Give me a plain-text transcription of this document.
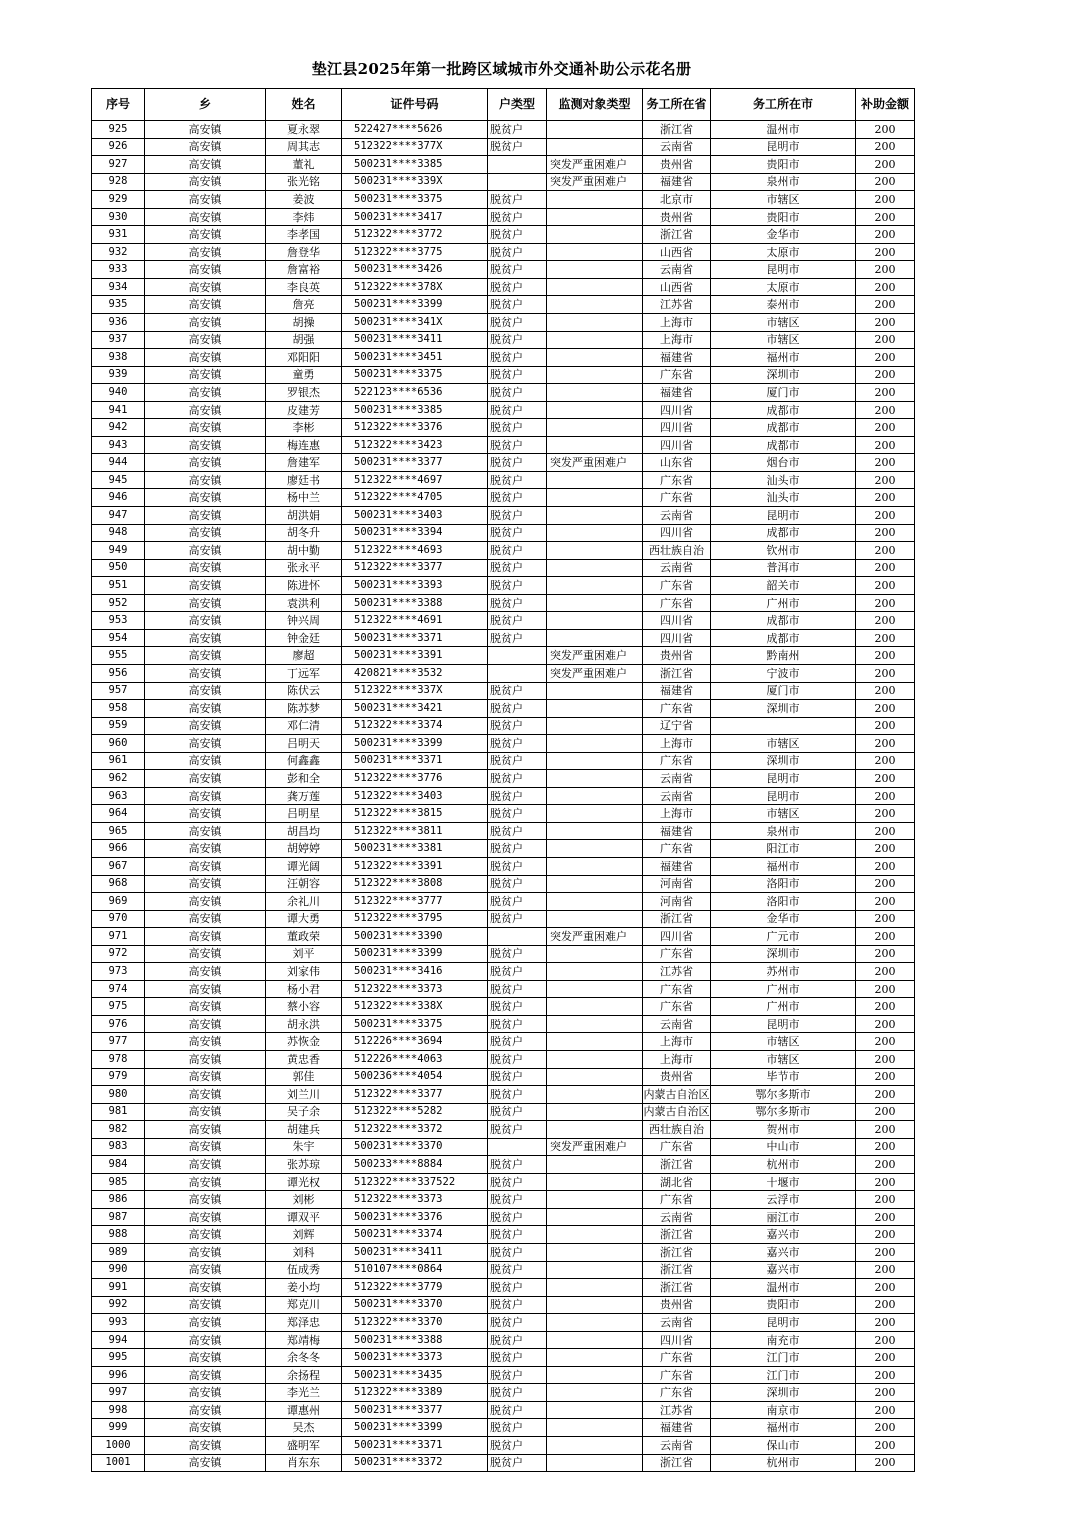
垫江县2025年第一批跨区域城市外交通补助公示花名册
序号	乡	姓名	证件号码	户类型	监测对象类型	务工所在省	务工所在市	补助金额
925	高安镇	夏永翠	522427****5626	脱贫户		浙江省	温州市	200
926	高安镇	周其志	512322****377X	脱贫户		云南省	昆明市	200
927	高安镇	董礼	500231****3385		突发严重困难户	贵州省	贵阳市	200
928	高安镇	张光铭	500231****339X		突发严重困难户	福建省	泉州市	200
929	高安镇	姜波	500231****3375	脱贫户		北京市	市辖区	200
930	高安镇	李炜	500231****3417	脱贫户		贵州省	贵阳市	200
931	高安镇	李孝国	512322****3772	脱贫户		浙江省	金华市	200
932	高安镇	詹登华	512322****3775	脱贫户		山西省	太原市	200
933	高安镇	詹富裕	500231****3426	脱贫户		云南省	昆明市	200
934	高安镇	李良英	512322****378X	脱贫户		山西省	太原市	200
935	高安镇	詹亮	500231****3399	脱贫户		江苏省	泰州市	200
936	高安镇	胡操	500231****341X	脱贫户		上海市	市辖区	200
937	高安镇	胡强	500231****3411	脱贫户		上海市	市辖区	200
938	高安镇	邓阳阳	500231****3451	脱贫户		福建省	福州市	200
939	高安镇	童勇	500231****3375	脱贫户		广东省	深圳市	200
940	高安镇	罗银杰	522123****6536	脱贫户		福建省	厦门市	200
941	高安镇	皮建芳	500231****3385	脱贫户		四川省	成都市	200
942	高安镇	李彬	512322****3376	脱贫户		四川省	成都市	200
943	高安镇	梅连惠	512322****3423	脱贫户		四川省	成都市	200
944	高安镇	詹建军	500231****3377	脱贫户	突发严重困难户	山东省	烟台市	200
945	高安镇	廖廷书	512322****4697	脱贫户		广东省	汕头市	200
946	高安镇	杨中兰	512322****4705	脱贫户		广东省	汕头市	200
947	高安镇	胡洪娟	500231****3403	脱贫户		云南省	昆明市	200
948	高安镇	胡冬升	500231****3394	脱贫户		四川省	成都市	200
949	高安镇	胡中勤	512322****4693	脱贫户		西壮族自治	钦州市	200
950	高安镇	张永平	512322****3377	脱贫户		云南省	普洱市	200
951	高安镇	陈进怀	500231****3393	脱贫户		广东省	韶关市	200
952	高安镇	袁洪利	500231****3388	脱贫户		广东省	广州市	200
953	高安镇	钟兴周	512322****4691	脱贫户		四川省	成都市	200
954	高安镇	钟金廷	500231****3371	脱贫户		四川省	成都市	200
955	高安镇	廖超	500231****3391		突发严重困难户	贵州省	黔南州	200
956	高安镇	丁远军	420821****3532		突发严重困难户	浙江省	宁波市	200
957	高安镇	陈伏云	512322****337X	脱贫户		福建省	厦门市	200
958	高安镇	陈苏梦	500231****3421	脱贫户		广东省	深圳市	200
959	高安镇	邓仁清	512322****3374	脱贫户		辽宁省		200
960	高安镇	吕明天	500231****3399	脱贫户		上海市	市辖区	200
961	高安镇	何鑫鑫	500231****3371	脱贫户		广东省	深圳市	200
962	高安镇	彭和全	512322****3776	脱贫户		云南省	昆明市	200
963	高安镇	龚万莲	512322****3403	脱贫户		云南省	昆明市	200
964	高安镇	吕明星	512322****3815	脱贫户		上海市	市辖区	200
965	高安镇	胡昌均	512322****3811	脱贫户		福建省	泉州市	200
966	高安镇	胡婷婷	500231****3381	脱贫户		广东省	阳江市	200
967	高安镇	谭光阔	512322****3391	脱贫户		福建省	福州市	200
968	高安镇	汪朝容	512322****3808	脱贫户		河南省	洛阳市	200
969	高安镇	余礼川	512322****3777	脱贫户		河南省	洛阳市	200
970	高安镇	谭大勇	512322****3795	脱贫户		浙江省	金华市	200
971	高安镇	董政荣	500231****3390		突发严重困难户	四川省	广元市	200
972	高安镇	刘平	500231****3399	脱贫户		广东省	深圳市	200
973	高安镇	刘家伟	500231****3416	脱贫户		江苏省	苏州市	200
974	高安镇	杨小君	512322****3373	脱贫户		广东省	广州市	200
975	高安镇	蔡小容	512322****338X	脱贫户		广东省	广州市	200
976	高安镇	胡永洪	500231****3375	脱贫户		云南省	昆明市	200
977	高安镇	苏恢金	512226****3694	脱贫户		上海市	市辖区	200
978	高安镇	黄忠香	512226****4063	脱贫户		上海市	市辖区	200
979	高安镇	郭佳	500236****4054	脱贫户		贵州省	毕节市	200
980	高安镇	刘兰川	512322****3377	脱贫户		内蒙古自治区	鄂尔多斯市	200
981	高安镇	吴子余	512322****5282	脱贫户		内蒙古自治区	鄂尔多斯市	200
982	高安镇	胡建兵	512322****3372	脱贫户		西壮族自治	贺州市	200
983	高安镇	朱宇	500231****3370		突发严重困难户	广东省	中山市	200
984	高安镇	张苏琼	500233****8884	脱贫户		浙江省	杭州市	200
985	高安镇	谭光权	512322****337522	脱贫户		湖北省	十堰市	200
986	高安镇	刘彬	512322****3373	脱贫户		广东省	云浮市	200
987	高安镇	谭双平	500231****3376	脱贫户		云南省	丽江市	200
988	高安镇	刘辉	500231****3374	脱贫户		浙江省	嘉兴市	200
989	高安镇	刘科	500231****3411	脱贫户		浙江省	嘉兴市	200
990	高安镇	伍成秀	510107****0864	脱贫户		浙江省	嘉兴市	200
991	高安镇	姜小均	512322****3779	脱贫户		浙江省	温州市	200
992	高安镇	郑克川	500231****3370	脱贫户		贵州省	贵阳市	200
993	高安镇	郑泽忠	512322****3370	脱贫户		云南省	昆明市	200
994	高安镇	郑靖梅	500231****3388	脱贫户		四川省	南充市	200
995	高安镇	余冬冬	500231****3373	脱贫户		广东省	江门市	200
996	高安镇	余扬程	500231****3435	脱贫户		广东省	江门市	200
997	高安镇	李光兰	512322****3389	脱贫户		广东省	深圳市	200
998	高安镇	谭惠州	500231****3377	脱贫户		江苏省	南京市	200
999	高安镇	吴杰	500231****3399	脱贫户		福建省	福州市	200
1000	高安镇	盛明军	500231****3371	脱贫户		云南省	保山市	200
1001	高安镇	肖东东	500231****3372	脱贫户		浙江省	杭州市	200
